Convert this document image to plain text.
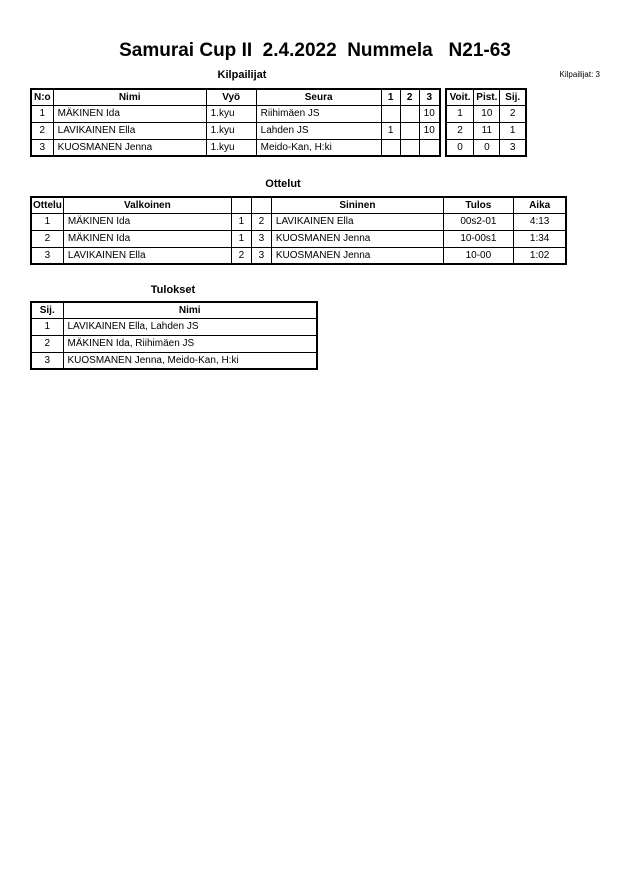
Samurai Cup II  2.4.2022  Nummela   N21-63
Kilpailijat: 3
Kilpailijat
N:o	Nimi	Vyö	Seura	1	2	3
1	MÄKINEN Ida	1.kyu	Riihimäen JS			10
2	LAVIKAINEN Ella	1.kyu	Lahden JS	1		10
3	KUOSMANEN Jenna	1.kyu	Meido-Kan, H:ki			
Voit.	Pist.	Sij.
1	10	2
2	11	1
0	0	3
Ottelut
Ottelu	Valkoinen			Sininen	Tulos	Aika
1	MÄKINEN Ida	1	2	LAVIKAINEN Ella	00s2-01	4:13
2	MÄKINEN Ida	1	3	KUOSMANEN Jenna	10-00s1	1:34
3	LAVIKAINEN Ella	2	3	KUOSMANEN Jenna	10-00	1:02
Tulokset
Sij.	Nimi
1	LAVIKAINEN Ella, Lahden JS
2	MÄKINEN Ida, Riihimäen JS
3	KUOSMANEN Jenna, Meido-Kan, H:ki
